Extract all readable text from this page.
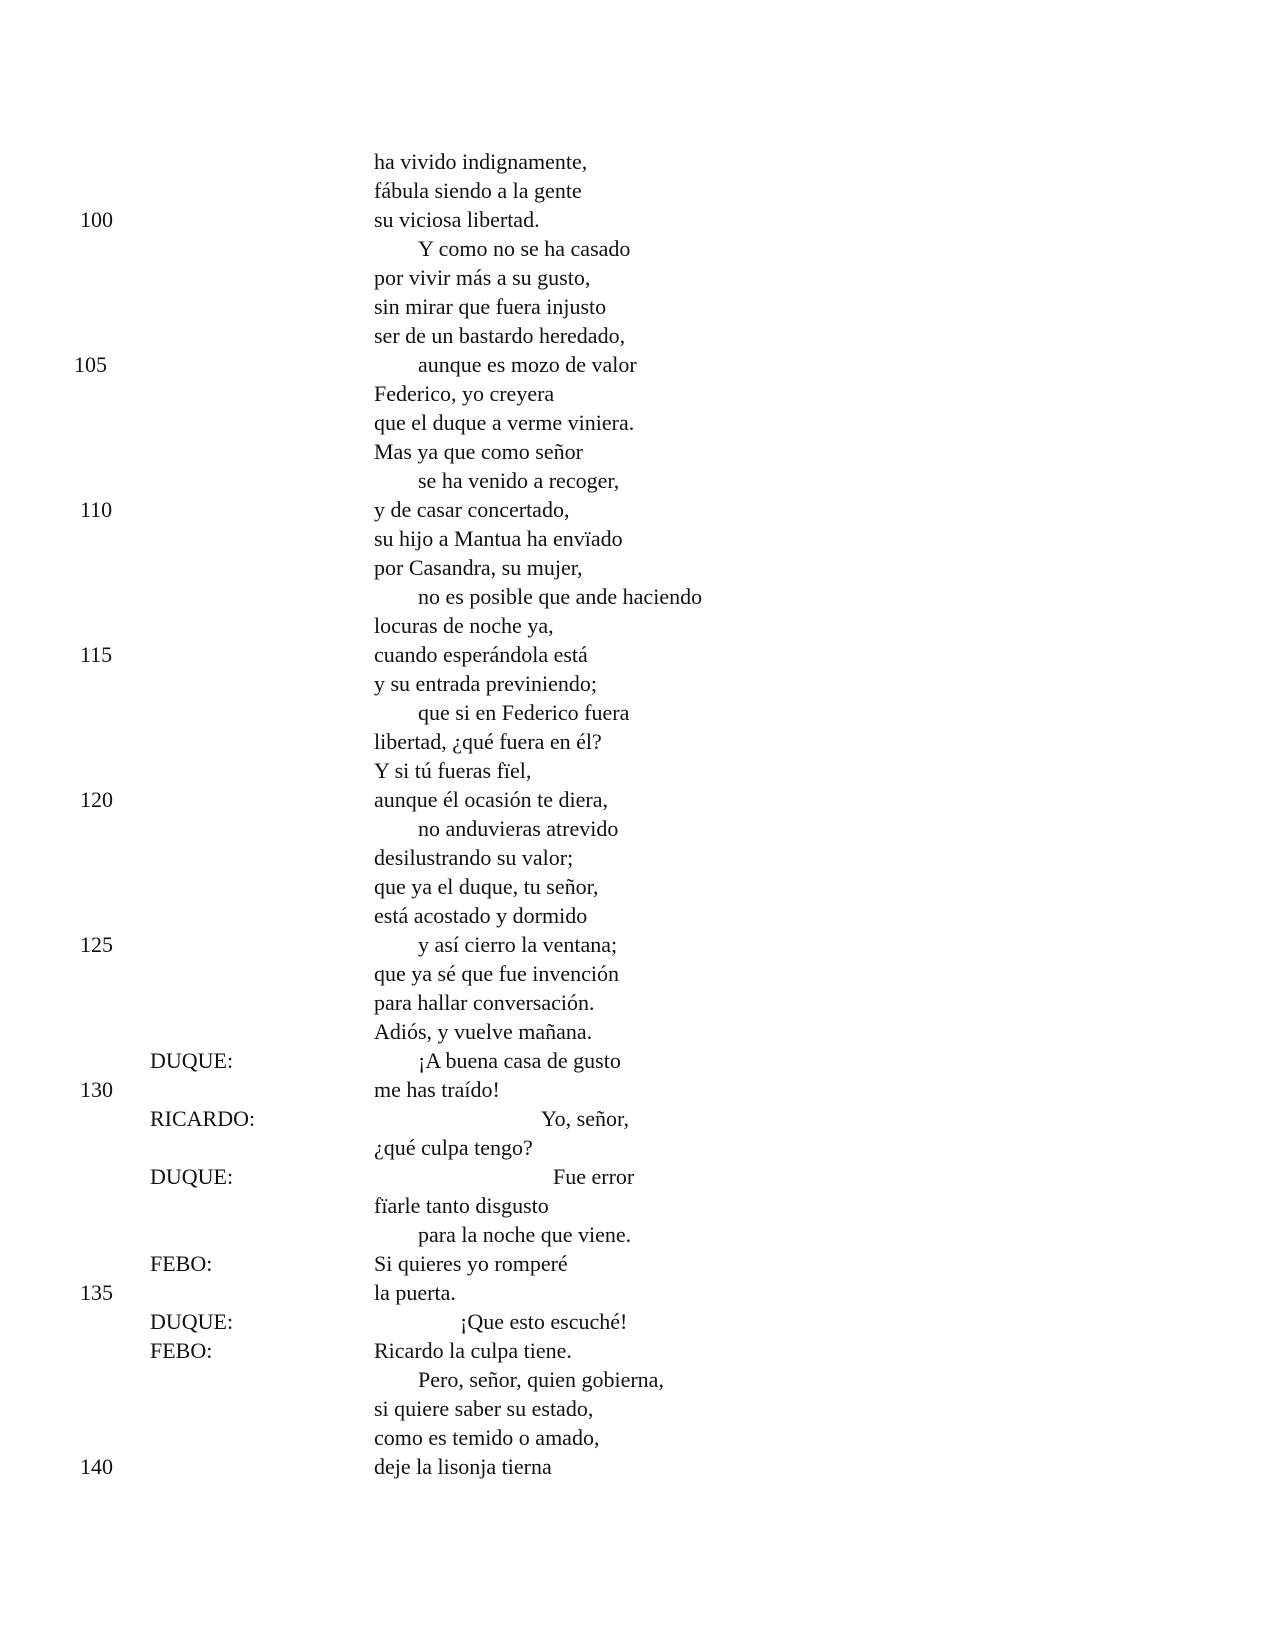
ha vivido indignamente,
fábula siendo a la gente
100	su viciosa libertad.
Y como no se ha casado
por vivir más a su gusto,
sin mirar que fuera injusto
ser de un bastardo heredado,
105	aunque es mozo de valor
Federico, yo creyera
que el duque a verme viniera.
Mas ya que como señor
se ha venido a recoger,
110	y de casar concertado,
su hijo a Mantua ha envïado
por Casandra, su mujer,
no es posible que ande haciendo
locuras de noche ya,
115	cuando esperándola está
y su entrada previniendo;
que si en Federico fuera
libertad, ¿qué fuera en él?
Y si tú fueras fïel,
120	aunque él ocasión te diera,
no anduvieras atrevido
desilustrando su valor;
que ya el duque, tu señor,
está acostado y dormido
125	y así cierro la ventana;
que ya sé que fue invención
para hallar conversación.
Adiós, y vuelve mañana.
DUQUE:	¡A buena casa de gusto
130	me has traído!
RICARDO:	Yo, señor,
¿qué culpa tengo?
DUQUE:	Fue error
fïarle tanto disgusto
para la noche que viene.
FEBO:	Si quieres yo romperé
135	la puerta.
DUQUE:	¡Que esto escuché!
FEBO:	Ricardo la culpa tiene.
Pero, señor, quien gobierna,
si quiere saber su estado,
como es temido o amado,
140	deje la lisonja tierna
